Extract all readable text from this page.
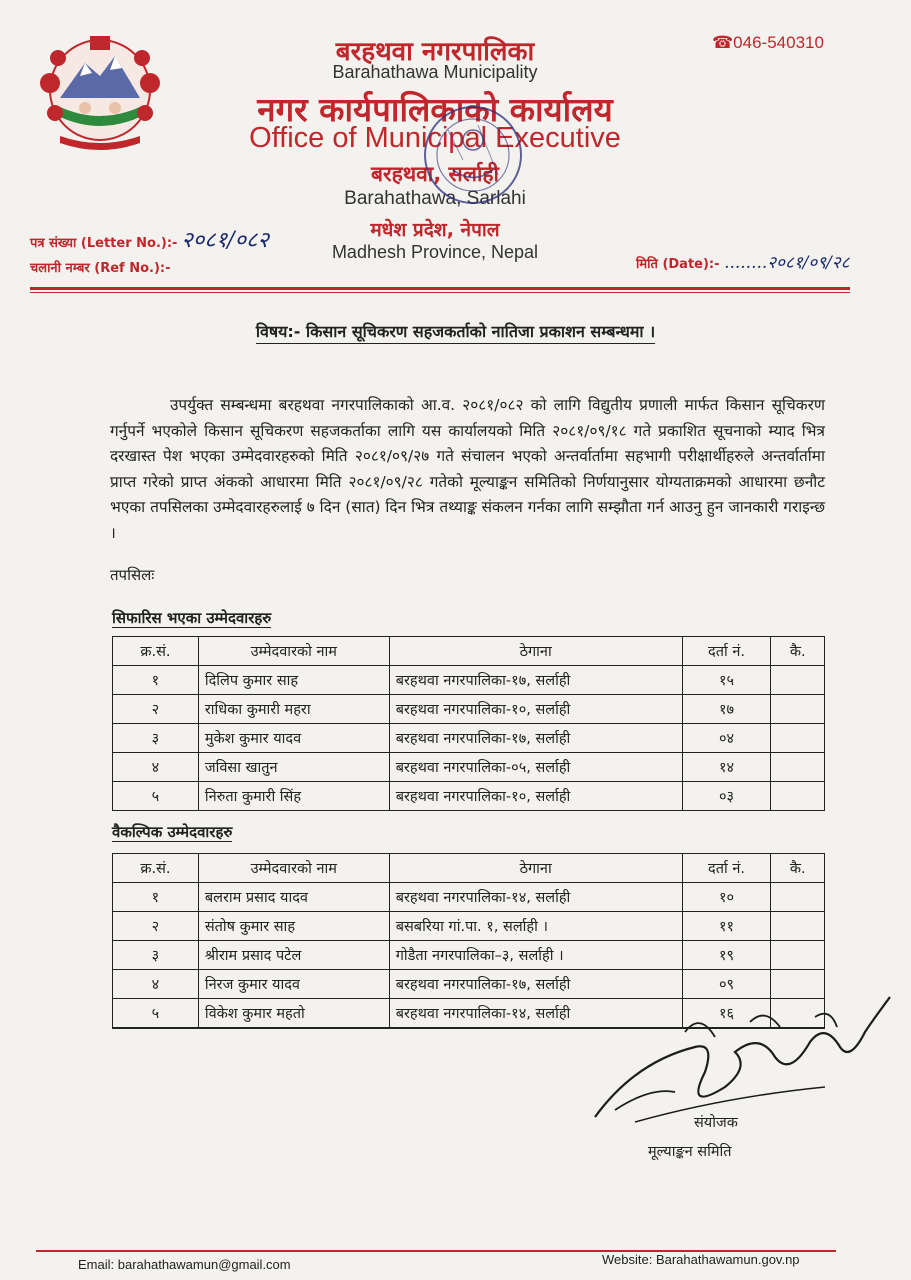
☎046-540310
बरहथवा नगरपालिका
Barahathawa Municipality
नगर कार्यपालिकाको कार्यालय
Office of Municipal Executive
बरहथवा, सर्लाही
Barahathawa, Sarlahi
मधेश प्रदेश, नेपाल
Madhesh Province, Nepal
पत्र संख्या (Letter No.):- २०८१/०८२
चलानी नम्बर (Ref No.):-	मिति (Date):- ........२०८१/०९/२८
विषय:- किसान सूचिकरण सहजकर्ताको नातिजा प्रकाशन सम्बन्धमा ।

उपर्युक्त सम्बन्धमा बरहथवा नगरपालिकाको आ.व. २०८१/०८२ को लागि विद्युतीय प्रणाली मार्फत किसान सूचिकरण गर्नुपर्ने भएकोले किसान सूचिकरण सहजकर्ताका लागि यस कार्यालयको मिति २०८१/०९/१८ गते प्रकाशित सूचनाको म्याद भित्र दरखास्त पेश भएका उम्मेदवारहरुको मिति २०८१/०९/२७ गते संचालन भएको अन्तर्वार्तामा सहभागी परीक्षार्थीहरुले अन्तर्वार्तामा प्राप्त गरेको प्राप्त अंकको आधारमा मिति २०८१/०९/२८ गतेको मूल्याङ्कन समितिको निर्णयानुसार योग्यताक्रमको आधारमा छनौट भएका तपसिलका उम्मेदवारहरुलाई ७ दिन (सात) दिन भित्र तथ्याङ्क संकलन गर्नका लागि सम्झौता गर्न आउनु हुन जानकारी गराइन्छ ।

तपसिलः
सिफारिस भएका उम्मेदवारहरु
क्र.सं.	उम्मेदवारको नाम	ठेगाना	दर्ता नं.	कै.
१	दिलिप कुमार साह	बरहथवा नगरपालिका-१७, सर्लाही	१५	
२	राधिका कुमारी महरा	बरहथवा नगरपालिका-१०, सर्लाही	१७	
३	मुकेश कुमार यादव	बरहथवा नगरपालिका-१७, सर्लाही	०४	
४	जविसा खातुन	बरहथवा नगरपालिका-०५, सर्लाही	१४	
५	निरुता कुमारी सिंह	बरहथवा नगरपालिका-१०, सर्लाही	०३	
वैकल्पिक उम्मेदवारहरु
क्र.सं.	उम्मेदवारको नाम	ठेगाना	दर्ता नं.	कै.
१	बलराम प्रसाद यादव	बरहथवा नगरपालिका-१४, सर्लाही	१०	
२	संतोष कुमार साह	बसबरिया गां.पा. १, सर्लाही ।	११	
३	श्रीराम प्रसाद पटेल	गोडैता नगरपालिका–३, सर्लाही ।	१९	
४	निरज कुमार यादव	बरहथवा नगरपालिका-१७, सर्लाही	०९	
५	विकेश कुमार महतो	बरहथवा नगरपालिका-१४, सर्लाही	१६	
संयोजक
मूल्याङ्कन समिति
Email: barahathawamun@gmail.com	Website: Barahathawamun.gov.np
